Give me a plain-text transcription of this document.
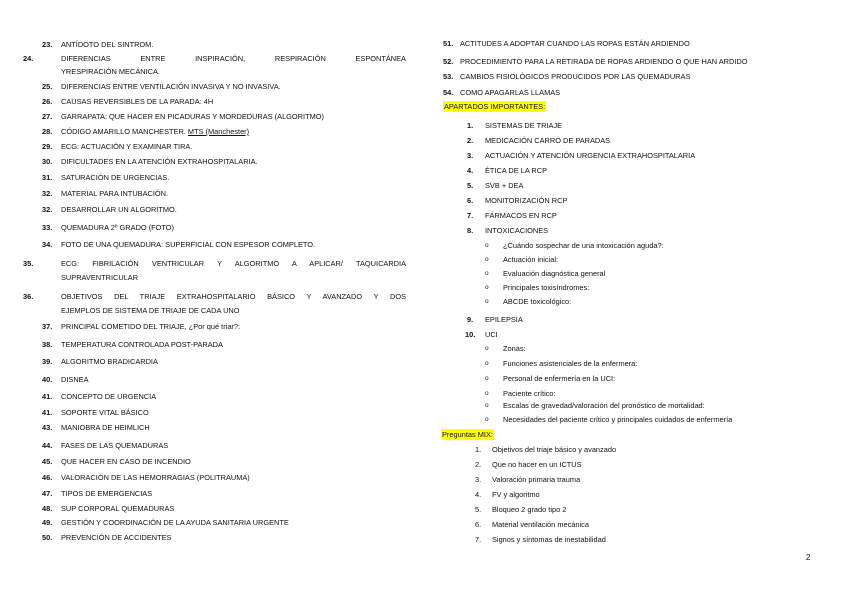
23. ANTÍDOTO DEL SINTROM.
24.	DIFERENCIAS ENTRE INSPIRACIÓN, RESPIRACIÓN ESPONTÁNEA
YRESPIRACIÓN MECÁNICA.
25. DIFERENCIAS ENTRE VENTILACIÓN INVASIVA Y NO INVASIVA.
26. CAUSAS REVERSIBLES DE LA PARADA: 4H
27. GARRAPATA: QUE HACER EN PICADURAS Y MORDEDURAS (ALGORITMO)
28. CÓDIGO AMARILLO MANCHESTER. MTS (Manchester)
29. ECG: ACTUACIÓN Y EXAMINAR TIRA.
30. DIFICULTADES EN LA ATENCIÓN EXTRAHOSPITALARIA.
31. SATURACIÓN DE URGENCIAS.
32. MATERIAL PARA INTUBACIÓN.
32. DESARROLLAR UN ALGORITMO.
33. QUEMADURA 2º GRADO (FOTO)
34. FOTO DE UNA QUEMADURA: SUPERFICIAL CON ESPESOR COMPLETO.
35.	ECG: FIBRILACIÓN VENTRICULAR Y ALGORITMO A APLICAR/ TAQUICARDIA
SUPRAVENTRICULAR
36.	OBJETIVOS DEL TRIAJE EXTRAHOSPITALARIO BÁSICO Y AVANZADO Y DOS
EJEMPLOS DE SISTEMA DE TRIAJE DE CADA UNO
37. PRINCIPAL COMETIDO DEL TRIAJE, ¿Por qué triar?:
38. TEMPERATURA CONTROLADA POST-PARADA
39. ALGORITMO BRADICARDIA
40. DISNEA
41. CONCEPTO DE URGENCIA
41. SOPORTE VITAL BÁSICO
43. MANIOBRA DE HEIMLICH
44. FASES DE LAS QUEMADURAS
45. QUE HACER EN CASO DE INCENDIO
46. VALORACIÓN DE LAS HEMORRAGIAS (POLITRAUMA)
47. TIPOS DE EMERGENCIAS
48. SUP CORPORAL QUEMADURAS
49. GESTIÓN Y COORDINACIÓN DE LA AYUDA SANITARIA URGENTE
50. PREVENCIÓN DE ACCIDENTES
51. ACTITUDES A ADOPTAR CUANDO LAS ROPAS ESTÁN ARDIENDO
52. PROCEDIMIENTO PARA LA RETIRADA DE ROPAS ARDIENDO O QUE HAN ARDIDO
53. CAMBIOS FISIOLÓGICOS PRODUCIDOS POR LAS QUEMADURAS
54. COMO APAGARLAS LLAMAS
APARTADOS IMPORTANTES:
1.	SISTEMAS DE TRIAJE
2.	MEDICACIÓN CARRO DE PARADAS
3.	ACTUACIÓN Y ATENCIÓN URGENCIA EXTRAHOSPITALARIA
4.	ÉTICA DE LA RCP
5.	SVB + DEA
6.	MONITORIZACIÓN RCP
7.	FÁRMACOS EN RCP
8.	INTOXICACIONES
o ¿Cuándo sospechar de una intoxicación aguda?:
o Actuación inicial:
o Evaluación diagnóstica general
o Principales toxisíndromes:
o ABCDE toxicológico:
9.	EPILEPSIA
10.	UCI
o Zonas:
o Funciones asistenciales de la enfermera:
o Personal de enfermería en la UCI:
o Paciente crítico:
o Escalas de gravedad/valoración del pronóstico de mortalidad:
o Necesidades del paciente crítico y principales cuidados de enfermería
Preguntas MIX:
1. Objetivos del triaje básico y avanzado
2. Que no hacer en un ICTUS
3. Valoración primaria trauma
4. FV y algoritmo
5. Bloqueo 2 grado tipo 2
6. Material ventilación mecánica
7. Signos y síntomas de inestabilidad
2
